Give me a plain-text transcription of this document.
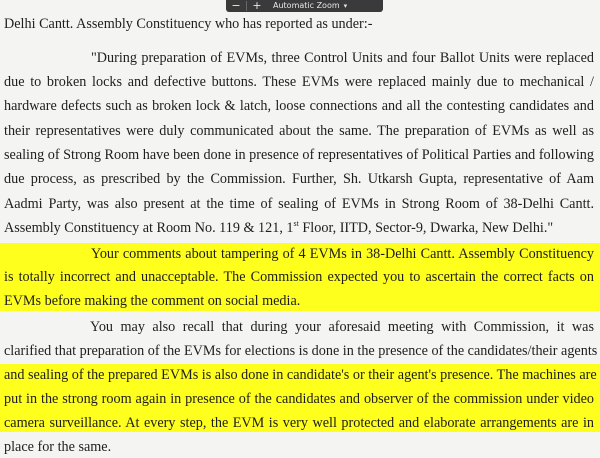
Delhi Cantt. Assembly Constituency who has reported as under:-
"During preparation of EVMs, three Control Units and four Ballot Units were replaced
due to broken locks and defective buttons. These EVMs were replaced mainly due to mechanical /
hardware defects such as broken lock & latch, loose connections and all the contesting candidates and
their representatives were duly communicated about the same. The preparation of EVMs as well as
sealing of Strong Room have been done in presence of representatives of Political Parties and following
due process, as prescribed by the Commission. Further, Sh. Utkarsh Gupta, representative of Aam
Aadmi Party, was also present at the time of sealing of EVMs in Strong Room of 38-Delhi Cantt.
Assembly Constituency at Room No. 119 & 121, 1st Floor, IITD, Sector-9, Dwarka, New Delhi."
Your comments about tampering of 4 EVMs in 38-Delhi Cantt. Assembly Constituency
is totally incorrect and unacceptable. The Commission expected you to ascertain the correct facts on
EVMs before making the comment on social media.
You may also recall that during your aforesaid meeting with Commission, it was
clarified that preparation of the EVMs for elections is done in the presence of the candidates/their agents
and sealing of the prepared EVMs is also done in candidate's or their agent's presence. The machines are
put in the strong room again in presence of the candidates and observer of the commission under video
camera surveillance. At every step, the EVM is very well protected and elaborate arrangements are in
place for the same.
−	+	Automatic Zoom ▾
